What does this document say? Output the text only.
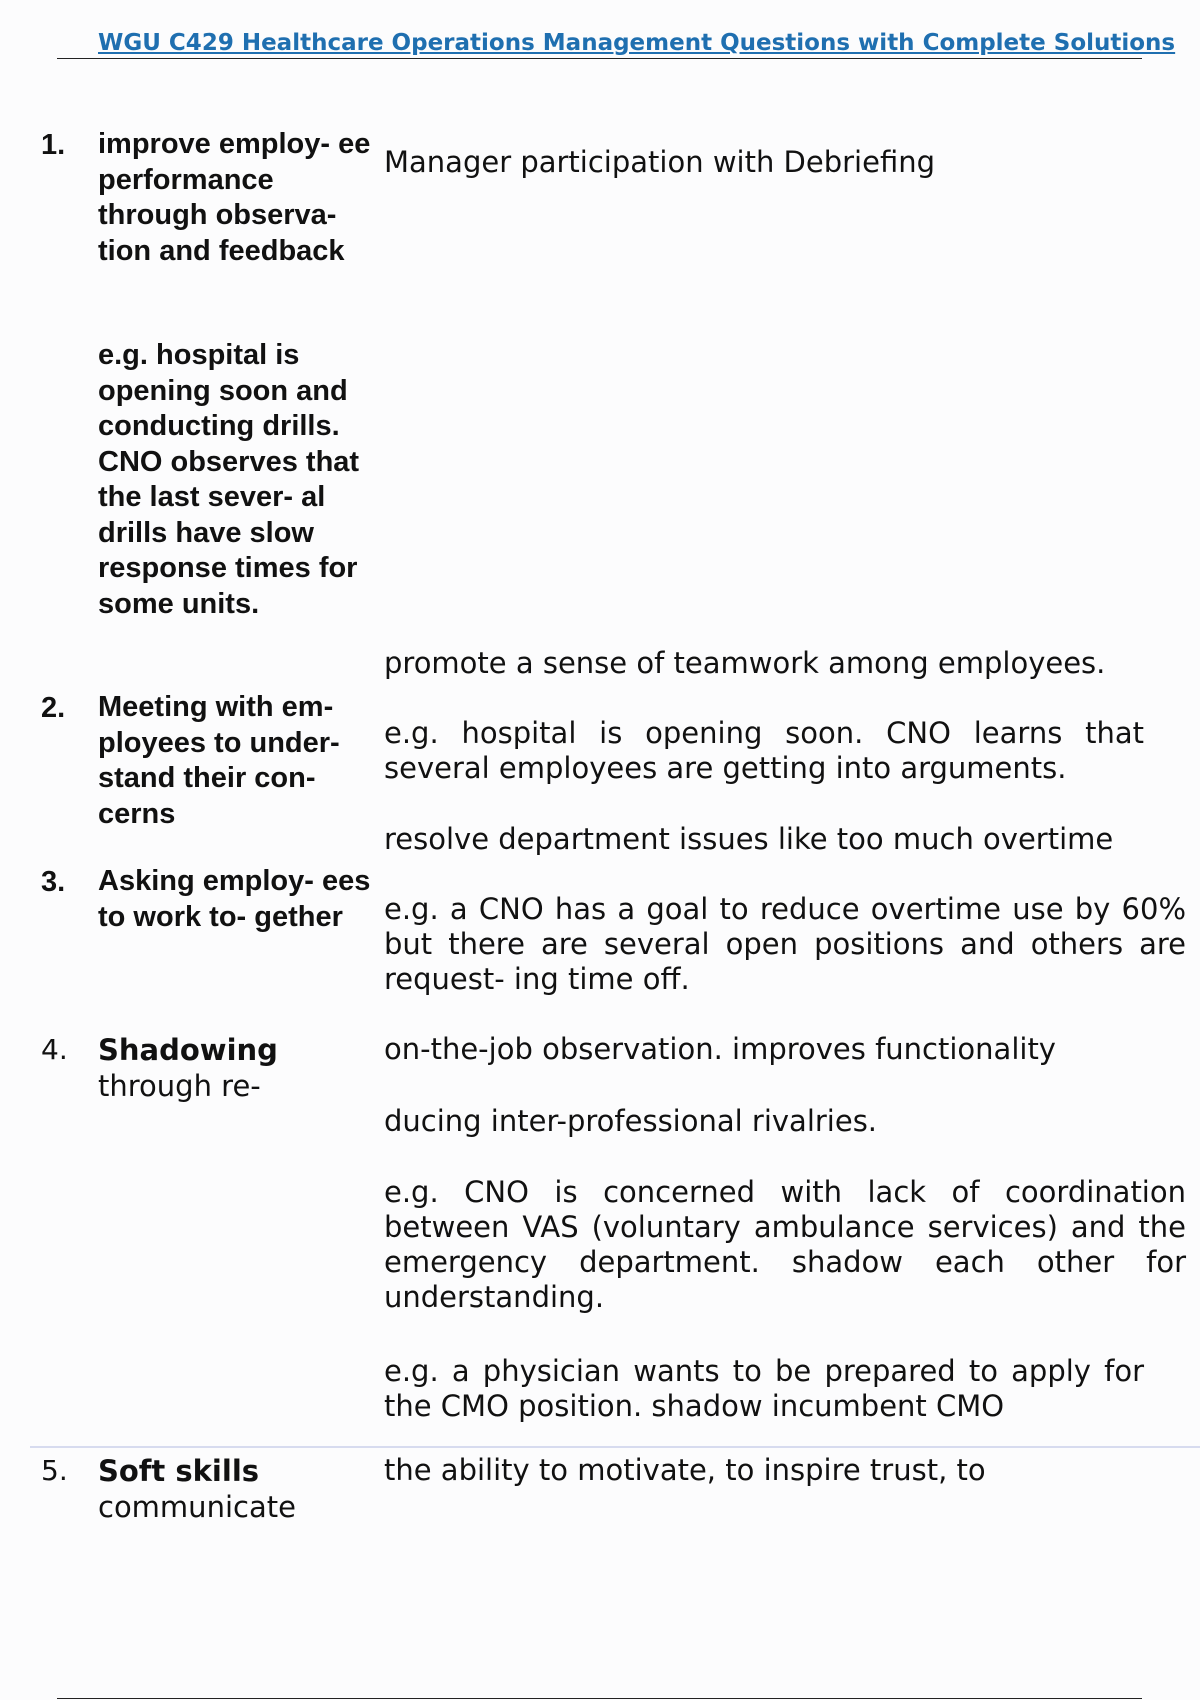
WGU C429 Healthcare Operations Management Questions with Complete Solutions
1. improve employ- ee performance through observa- tion and feedback
e.g. hospital is opening soon and conducting drills. CNO observes that the last sever- al drills have slow response times for some units.
2. Meeting with em- ployees to under- stand their con- cerns
3. Asking employ- ees to work to- gether
4. Shadowing
through re-
5. Soft skills
communicate
Manager participation with Debriefing
promote a sense of teamwork among employees.
e.g. hospital is opening soon. CNO learns that several employees are getting into arguments.
resolve department issues like too much overtime
e.g. a CNO has a goal to reduce overtime use by 60% but there are several open positions and others are request- ing time off.
on-the-job observation. improves functionality
ducing inter-professional rivalries.
e.g. CNO is concerned with lack of coordination between VAS (voluntary ambulance services) and the emergency department. shadow each other for understanding.
e.g. a physician wants to be prepared to apply for the CMO position. shadow incumbent CMO
the ability to motivate, to inspire trust, to
